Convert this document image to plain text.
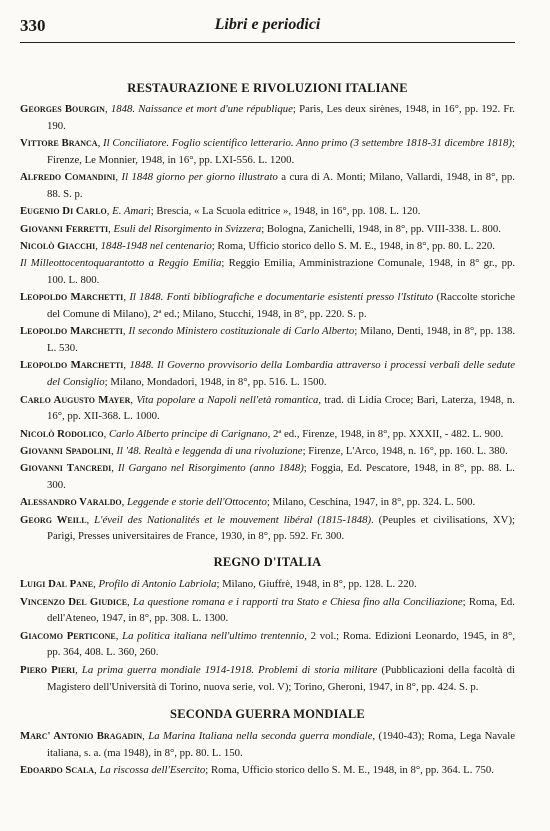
330	Libri e periodici
RESTAURAZIONE E RIVOLUZIONI ITALIANE

Georges Bourgin, 1848. Naissance et mort d'une république; Paris, Les deux sirènes, 1948, in 16°, pp. 192. Fr. 190.

Vittore Branca, Il Conciliatore. Foglio scientifico letterario. Anno primo (3 settembre 1818-31 dicembre 1818); Firenze, Le Monnier, 1948, in 16°, pp. LXI-556. L. 1200.

Alfredo Comandini, Il 1848 giorno per giorno illustrato a cura di A. Monti; Milano, Vallardi, 1948, in 8°, pp. 88. S. p.

Eugenio Di Carlo, E. Amari; Brescia, « La Scuola editrice », 1948, in 16°, pp. 108. L. 120.

Giovanni Ferretti, Esuli del Risorgimento in Svizzera; Bologna, Zanichelli, 1948, in 8°, pp. VIII-338. L. 800.

Nicolò Giacchi, 1848-1948 nel centenario; Roma, Ufficio storico dello S. M. E., 1948, in 8°, pp. 80. L. 220.

Il Milleottocentoquarantotto a Reggio Emilia; Reggio Emilia, Amministrazione Comunale, 1948, in 8° gr., pp. 100. L. 800.

Leopoldo Marchetti, Il 1848. Fonti bibliografiche e documentarie esistenti presso l'Istituto (Raccolte storiche del Comune di Milano), 2ª ed.; Milano, Stucchi, 1948, in 8°, pp. 220. S. p.

Leopoldo Marchetti, Il secondo Ministero costituzionale di Carlo Alberto; Milano, Denti, 1948, in 8°, pp. 138. L. 530.

Leopoldo Marchetti, 1848. Il Governo provvisorio della Lombardia attraverso i processi verbali delle sedute del Consiglio; Milano, Mondadori, 1948, in 8°, pp. 516. L. 1500.

Carlo Augusto Mayer, Vita popolare a Napoli nell'età romantica, trad. di Lidia Croce; Bari, Laterza, 1948, n. 16°, pp. XII-368. L. 1000.

Nicolò Rodolico, Carlo Alberto principe di Carignano, 2ª ed., Firenze, 1948, in 8°, pp. XXXII, - 482. L. 900.

Giovanni Spadolini, Il '48. Realtà e leggenda di una rivoluzione; Firenze, L'Arco, 1948, n. 16°, pp. 160. L. 380.

Giovanni Tancredi, Il Gargano nel Risorgimento (anno 1848); Foggia, Ed. Pescatore, 1948, in 8°, pp. 88. L. 300.

Alessandro Varaldo, Leggende e storie dell'Ottocento; Milano, Ceschina, 1947, in 8°, pp. 324. L. 500.

Georg Weill, L'éveil des Nationalités et le mouvement libéral (1815-1848). (Peuples et civilisations, XV); Parigi, Presses universitaires de France, 1930, in 8°, pp. 592. Fr. 300.

REGNO D'ITALIA

Luigi Dal Pane, Profilo di Antonio Labriola; Milano, Giuffrè, 1948, in 8°, pp. 128. L. 220.

Vincenzo Del Giudice, La questione romana e i rapporti tra Stato e Chiesa fino alla Conciliazione; Roma, Ed. dell'Ateneo, 1947, in 8°, pp. 308. L. 1300.

Giacomo Perticone, La politica italiana nell'ultimo trentennio, 2 vol.; Roma. Edizioni Leonardo, 1945, in 8°, pp. 364, 408. L. 360, 260.

Piero Pieri, La prima guerra mondiale 1914-1918. Problemi di storia militare (Pubblicazioni della facoltà di Magistero dell'Università di Torino, nuova serie, vol. V); Torino, Gheroni, 1947, in 8°, pp. 424. S. p.

SECONDA GUERRA MONDIALE

Marc' Antonio Bragadin, La Marina Italiana nella seconda guerra mondiale, (1940-43); Roma, Lega Navale italiana, s. a. (ma 1948), in 8°, pp. 80. L. 150.

Edoardo Scala, La riscossa dell'Esercito; Roma, Ufficio storico dello S. M. E., 1948, in 8°, pp. 364. L. 750.
